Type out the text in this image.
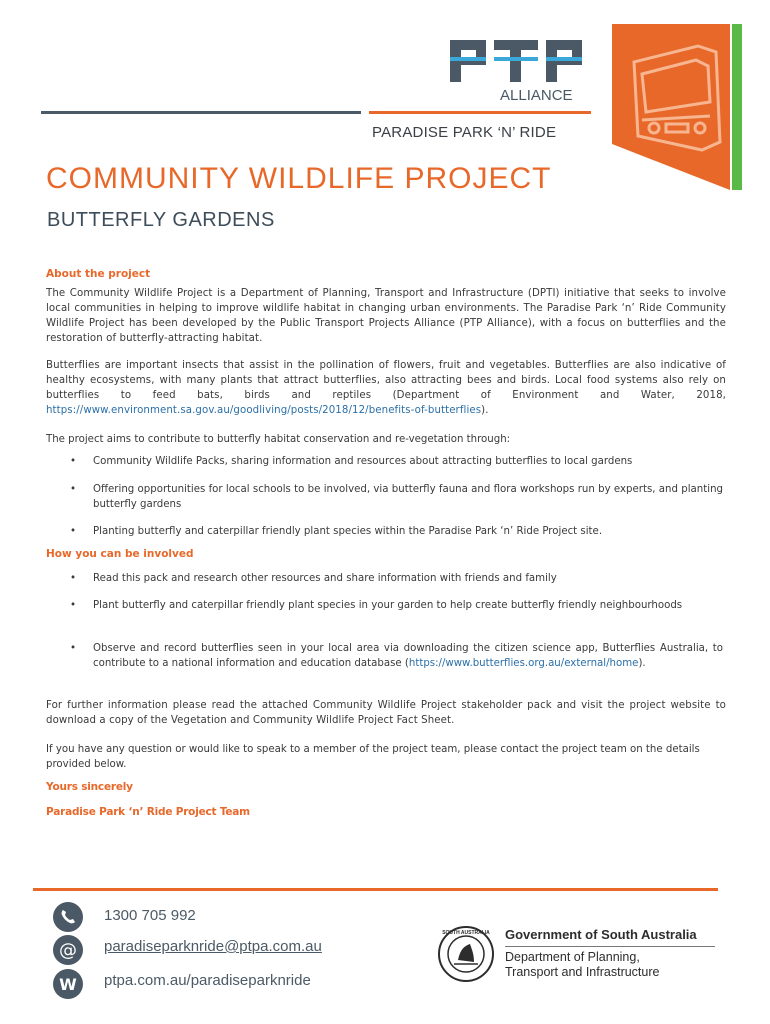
ALLIANCE
PARADISE PARK ‘N’ RIDE
COMMUNITY WILDLIFE PROJECT
BUTTERFLY GARDENS
About the project
The Community Wildlife Project is a Department of Planning, Transport and Infrastructure (DPTI) initiative that seeks to involve local communities in helping to improve wildlife habitat in changing urban environments. The Paradise Park ‘n’ Ride Community Wildlife Project has been developed by the Public Transport Projects Alliance (PTP Alliance), with a focus on butterflies and the restoration of butterfly-attracting habitat.
Butterflies are important insects that assist in the pollination of flowers, fruit and vegetables. Butterflies are also indicative of healthy ecosystems, with many plants that attract butterflies, also attracting bees and birds. Local food systems also rely on butterflies to feed bats, birds and reptiles (Department of Environment and Water, 2018, https://www.environment.sa.gov.au/goodliving/posts/2018/12/benefits-of-butterflies).
The project aims to contribute to butterfly habitat conservation and re-vegetation through:
• Community Wildlife Packs, sharing information and resources about attracting butterflies to local gardens
• Offering opportunities for local schools to be involved, via butterfly fauna and flora workshops run by experts, and planting butterfly gardens
• Planting butterfly and caterpillar friendly plant species within the Paradise Park ‘n’ Ride Project site.
How you can be involved
• Read this pack and research other resources and share information with friends and family
• Plant butterfly and caterpillar friendly plant species in your garden to help create butterfly friendly neighbourhoods
• Observe and record butterflies seen in your local area via downloading the citizen science app, Butterflies Australia, to contribute to a national information and education database (https://www.butterflies.org.au/external/home).
For further information please read the attached Community Wildlife Project stakeholder pack and visit the project website to download a copy of the Vegetation and Community Wildlife Project Fact Sheet.
If you have any question or would like to speak to a member of the project team, please contact the project team on the details provided below.
Yours sincerely
Paradise Park ‘n’ Ride Project Team
1300 705 992
@ paradiseparknride@ptpa.com.au
W ptpa.com.au/paradiseparknride
SOUTH AUSTRALIA Government of South Australia
Department of Planning,
Transport and Infrastructure
